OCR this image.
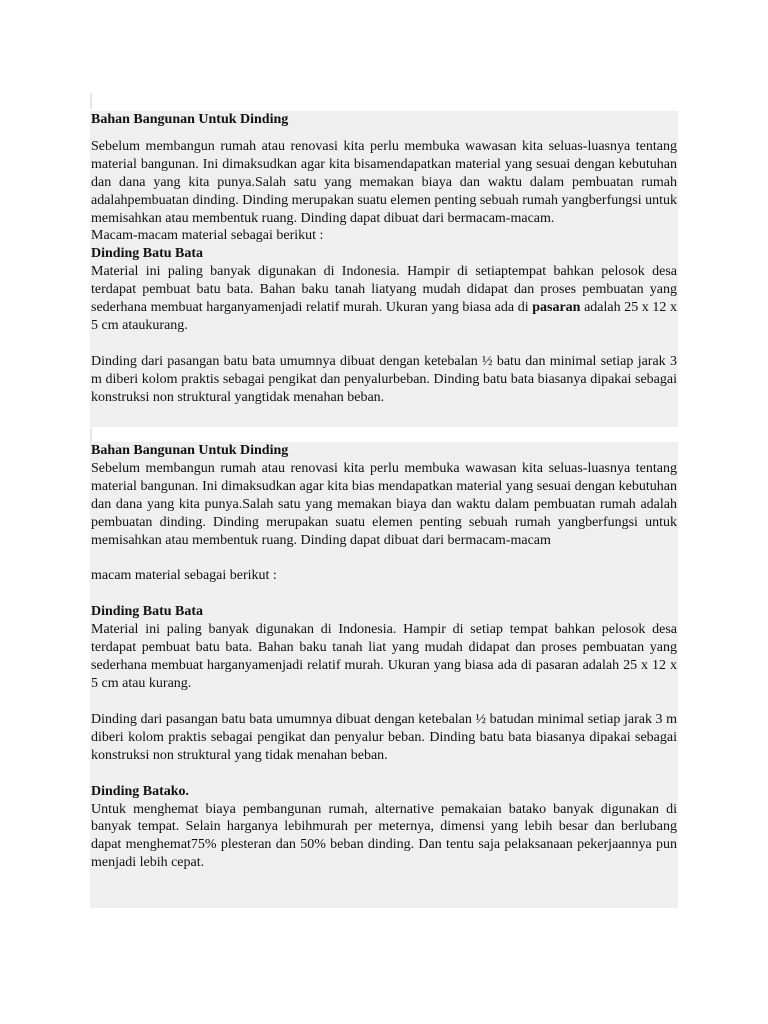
Bahan Bangunan Untuk Dinding

Sebelum membangun rumah atau renovasi kita perlu membuka wawasan kita seluas-luasnya tentang material bangunan. Ini dimaksudkan agar kita bisamendapatkan material yang sesuai dengan kebutuhan dan dana yang kita punya.Salah satu yang memakan biaya dan waktu dalam pembuatan rumah adalahpembuatan dinding. Dinding merupakan suatu elemen penting sebuah rumah yangberfungsi untuk memisahkan atau membentuk ruang. Dinding dapat dibuat dari bermacam-macam.

Macam-macam material sebagai berikut :

Dinding Batu Bata

Material ini paling banyak digunakan di Indonesia. Hampir di setiaptempat bahkan pelosok desa terdapat pembuat batu bata. Bahan baku tanah liatyang mudah didapat dan proses pembuatan yang sederhana membuat harganyamenjadi relatif murah. Ukuran yang biasa ada di pasaran adalah 25 x 12 x 5 cm ataukurang.

Dinding dari pasangan batu bata umumnya dibuat dengan ketebalan ½ batu dan minimal setiap jarak 3 m diberi kolom praktis sebagai pengikat dan penyalurbeban. Dinding batu bata biasanya dipakai sebagai konstruksi non struktural yangtidak menahan beban.

Bahan Bangunan Untuk Dinding

Sebelum membangun rumah atau renovasi kita perlu membuka wawasan kita seluas-luasnya tentang material bangunan. Ini dimaksudkan agar kita bias mendapatkan material yang sesuai dengan kebutuhan dan dana yang kita punya.Salah satu yang memakan biaya dan waktu dalam pembuatan rumah adalah pembuatan dinding. Dinding merupakan suatu elemen penting sebuah rumah yangberfungsi untuk memisahkan atau membentuk ruang. Dinding dapat dibuat dari bermacam-macam

macam material sebagai berikut :

Dinding Batu Bata

Material ini paling banyak digunakan di Indonesia. Hampir di setiap tempat bahkan pelosok desa terdapat pembuat batu bata. Bahan baku tanah liat yang mudah didapat dan proses pembuatan yang sederhana membuat harganyamenjadi relatif murah. Ukuran yang biasa ada di pasaran adalah 25 x 12 x 5 cm atau kurang.

Dinding dari pasangan batu bata umumnya dibuat dengan ketebalan ½ batudan minimal setiap jarak 3 m diberi kolom praktis sebagai pengikat dan penyalur beban. Dinding batu bata biasanya dipakai sebagai konstruksi non struktural yang tidak menahan beban.

Dinding Batako.

Untuk menghemat biaya pembangunan rumah, alternative pemakaian batako banyak digunakan di banyak tempat. Selain harganya lebihmurah per meternya, dimensi yang lebih besar dan berlubang dapat menghemat75% plesteran dan 50% beban dinding. Dan tentu saja pelaksanaan pekerjaannya pun menjadi lebih cepat.
